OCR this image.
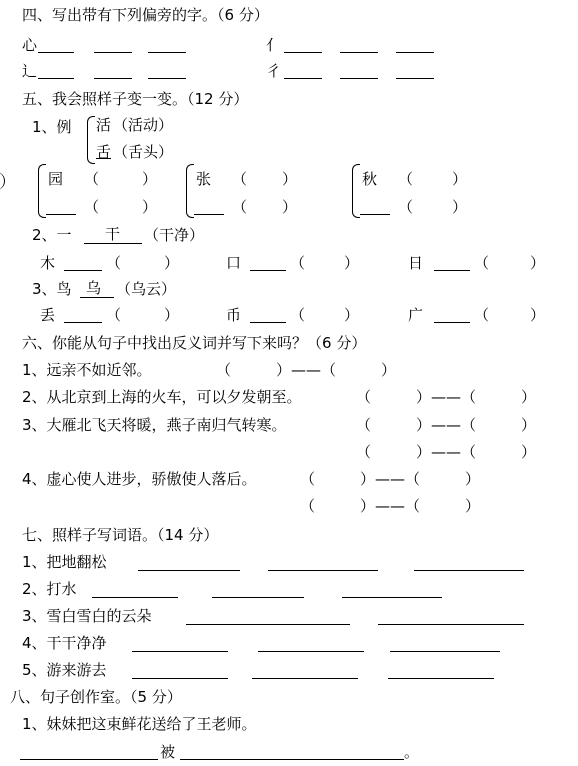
四、写出带有下列偏旁的字。（6 分）
心	亻
辶	彳
五、我会照样子变一变。（12 分）
1、例 活 （活动）
舌 （舌头）
园 （	）
（	）
张 （ ）
（ ）
秋 （	）
（	）
2、一 干 （干净）
木	（	）	口	（	）	日	（	）
3、鸟 乌 （乌云）
丢	（	）	币	（	）	广	（	）
六、你能从句子中找出反义词并写下来吗？（6 分）
1、远亲不如近邻。	（　　　）——（　　　）
2、从北京到上海的火车，可以夕发朝至。	（　　　）——（　　　）
3、大雁北飞天将暖，燕子南归气转寒。	（　　　）——（　　　）
（　　　）——（　　　）
4、虚心使人进步，骄傲使人落后。	（　　　）——（　　　）
（　　　）——（　　　）
七、照样子写词语。（14 分）
1、把地翻松
2、打水
3、雪白雪白的云朵
4、干干净净
5、游来游去
八、句子创作室。（5 分）
1、妹妹把这束鲜花送给了王老师。
被	。
